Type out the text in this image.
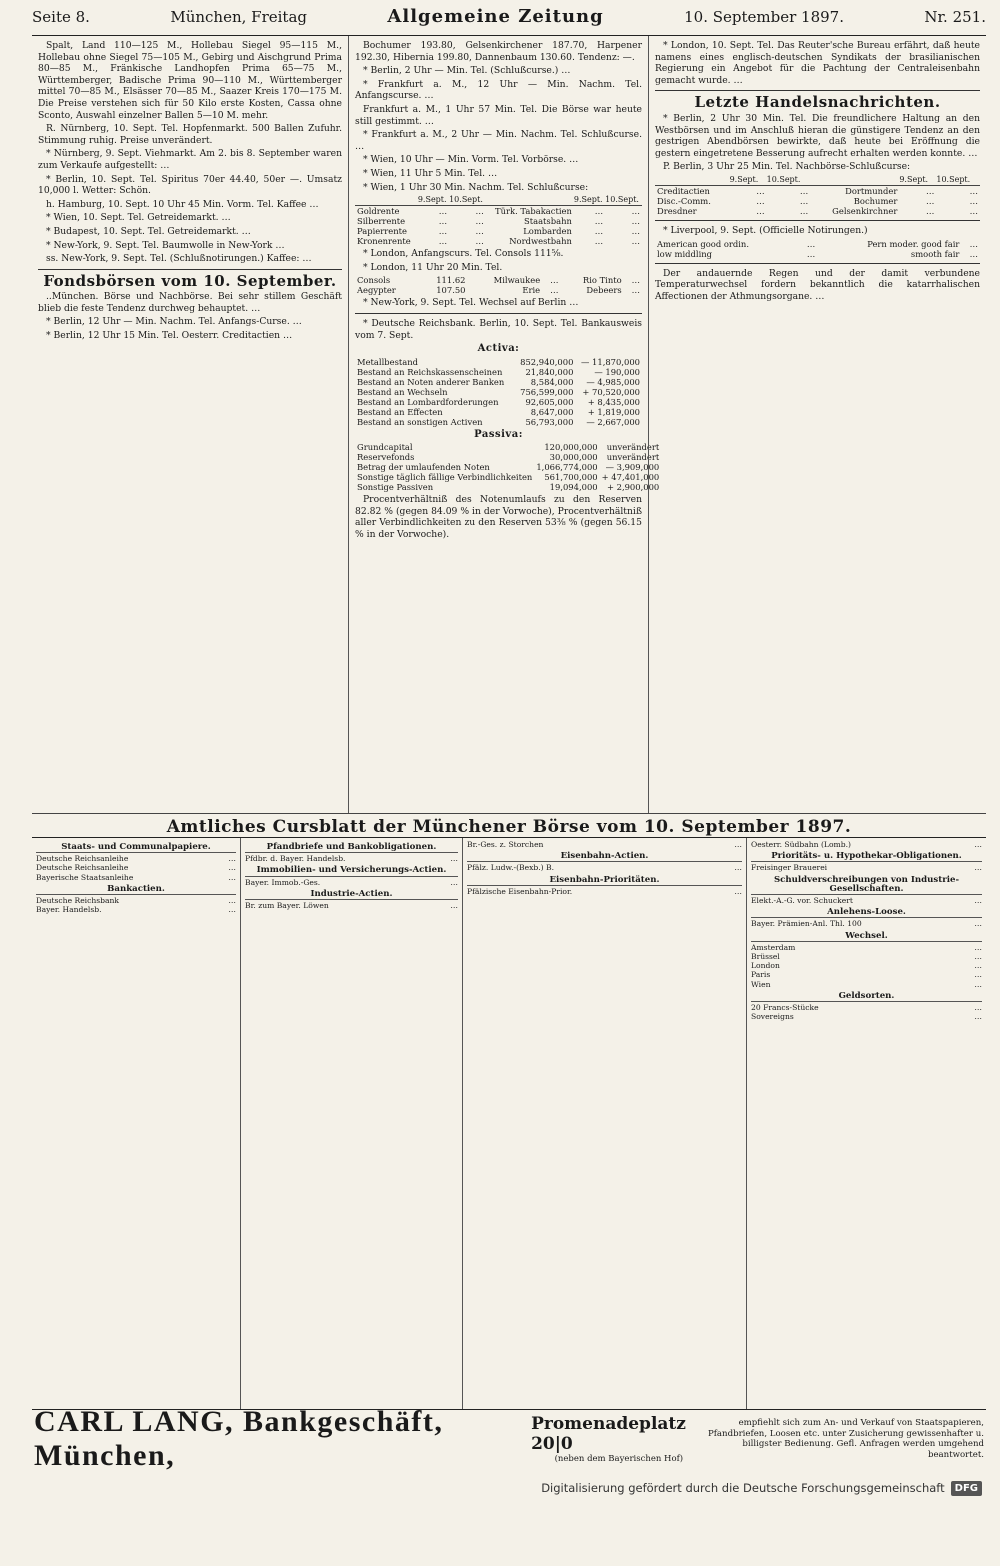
Seite 8.	München, Freitag	Allgemeine Zeitung	10. September 1897.	Nr. 251.

Spalt, Land 110—125 M., Hollebau Siegel 95—115 M., Hollebau ohne Siegel 75—105 M., Gebirg und Aischgrund Prima 80—85 M., Fränkische Landhopfen Prima 65—75 M., Württemberger, Badische Prima 90—110 M., Württemberger mittel 70—85 M., Elsässer 70—85 M., Saazer Kreis 170—175 M. Die Preise verstehen sich für 50 Kilo erste Kosten, Cassa ohne Sconto, Auswahl einzelner Ballen 5—10 M. mehr.

R. Nürnberg, 10. Sept. Tel. Hopfenmarkt. 500 Ballen Zufuhr. Stimmung ruhig. Preise unverändert.

* Nürnberg, 9. Sept. Viehmarkt. Am 2. bis 8. September waren zum Verkaufe aufgestellt: …

* Berlin, 10. Sept. Tel. Spiritus 70er 44.40, 50er —. Umsatz 10,000 l. Wetter: Schön.

h. Hamburg, 10. Sept. 10 Uhr 45 Min. Vorm. Tel. Kaffee …

* Wien, 10. Sept. Tel. Getreidemarkt. …

* Budapest, 10. Sept. Tel. Getreidemarkt. …

* New-York, 9. Sept. Tel. Baumwolle in New-York …

ss. New-York, 9. Sept. Tel. (Schlußnotirungen.) Kaffee: …

Fondsbörsen vom 10. September.

..München. Börse und Nachbörse. Bei sehr stillem Geschäft blieb die feste Tendenz durchweg behauptet. …

* Berlin, 12 Uhr — Min. Nachm. Tel. Anfangs-Curse. …

* Berlin, 12 Uhr 15 Min. Tel. Oesterr. Creditactien …

Bochumer 193.80, Gelsenkirchener 187.70, Harpener 192.30, Hibernia 199.80, Dannenbaum 130.60. Tendenz: —.

* Berlin, 2 Uhr — Min. Tel. (Schlußcurse.) …

* Frankfurt a. M., 12 Uhr — Min. Nachm. Tel. Anfangscurse. …

Frankfurt a. M., 1 Uhr 57 Min. Tel. Die Börse war heute still gestimmt. …

* Frankfurt a. M., 2 Uhr — Min. Nachm. Tel. Schlußcurse. …

* Wien, 10 Uhr — Min. Vorm. Tel. Vorbörse. …

* Wien, 11 Uhr 5 Min. Tel. …

* Wien, 1 Uhr 30 Min. Nachm. Tel. Schlußcurse:

	9.Sept.	10.Sept.		9.Sept.	10.Sept.
Goldrente	…	…	Türk. Tabakactien	…	…
Silberrente	…	…	Staatsbahn	…	…
Papierrente	…	…	Lombarden	…	…
Kronenrente	…	…	Nordwestbahn	…	…

* London, Anfangscurs. Tel. Consols 111⅝.

* London, 11 Uhr 20 Min. Tel.

Consols	111.62	Milwaukee	…	Rio Tinto	…
Aegypter	107.50	Erie	…	Debeers	…

* New-York, 9. Sept. Tel. Wechsel auf Berlin …

* Deutsche Reichsbank. Berlin, 10. Sept. Tel. Bankausweis vom 7. Sept.

Activa:
Metallbestand	852,940,000	— 11,870,000
Bestand an Reichskassenscheinen	21,840,000	— 190,000
Bestand an Noten anderer Banken	8,584,000	— 4,985,000
Bestand an Wechseln	756,599,000	+ 70,520,000
Bestand an Lombardforderungen	92,605,000	+ 8,435,000
Bestand an Effecten	8,647,000	+ 1,819,000
Bestand an sonstigen Activen	56,793,000	— 2,667,000
Passiva:
Grundcapital	120,000,000	unverändert
Reservefonds	30,000,000	unverändert
Betrag der umlaufenden Noten	1,066,774,000	— 3,909,000
Sonstige täglich fällige Verbindlichkeiten	561,700,000	+ 47,401,000
Sonstige Passiven	19,094,000	+ 2,900,000

Procentverhältniß des Notenumlaufs zu den Reserven 82.82 % (gegen 84.09 % in der Vorwoche), Procentverhältniß aller Verbindlichkeiten zu den Reserven 53⅜ % (gegen 56.15 % in der Vorwoche).

* London, 10. Sept. Tel. Das Reuter'sche Bureau erfährt, daß heute namens eines englisch-deutschen Syndikats der brasilianischen Regierung ein Angebot für die Pachtung der Centraleisenbahn gemacht wurde. …

Letzte Handelsnachrichten.

* Berlin, 2 Uhr 30 Min. Tel. Die freundlichere Haltung an den Westbörsen und im Anschluß hieran die günstigere Tendenz an den gestrigen Abendbörsen bewirkte, daß heute bei Eröffnung die gestern eingetretene Besserung aufrecht erhalten werden konnte. …

P. Berlin, 3 Uhr 25 Min. Tel. Nachbörse-Schlußcurse:

	9.Sept.	10.Sept.		9.Sept.	10.Sept.
Creditactien	…	…	Dortmunder	…	…
Disc.-Comm.	…	…	Bochumer	…	…
Dresdner	…	…	Gelsenkirchner	…	…

* Liverpool, 9. Sept. (Officielle Notirungen.)

American good ordin.	…	Pern moder. good fair	…
low middling	…	smooth fair	…

Der andauernde Regen und der damit verbundene Temperaturwechsel fordern bekanntlich die katarrhalischen Affectionen der Athmungsorgane. …

Amtliches Cursblatt der Münchener Börse vom 10. September 1897.
Staats- und Communalpapiere.
Deutsche Reichsanleihe	…
Deutsche Reichsanleihe	…
Bayerische Staatsanleihe	…
Bankactien.
Deutsche Reichsbank	…
Bayer. Handelsb.	…
Pfandbriefe und Bankobligationen.
Pfdbr. d. Bayer. Handelsb.	…
Immobilien- und Versicherungs-Actien.
Bayer. Immob.-Ges.	…
Industrie-Actien.
Br. zum Bayer. Löwen	…
Br.-Ges. z. Storchen	…
Eisenbahn-Actien.
Pfälz. Ludw.-(Bexb.) B.	…
Eisenbahn-Prioritäten.
Pfälzische Eisenbahn-Prior.	…
Oesterr. Südbahn (Lomb.)	…
Prioritäts- u. Hypothekar-Obligationen.
Freisinger Brauerei	…
Schuldverschreibungen von Industrie-Gesellschaften.
Elekt.-A.-G. vor. Schuckert	…
Anlehens-Loose.
Bayer. Prämien-Anl. Thl. 100	…
Wechsel.
Amsterdam	…
Brüssel	…
London	…
Paris	…
Wien	…
Geldsorten.
20 Francs-Stücke	…
Sovereigns	…
CARL LANG, Bankgeschäft, München,
Promenadeplatz 20|0
(neben dem Bayerischen Hof)
empfiehlt sich zum An- und Verkauf von Staatspapieren, Pfandbriefen, Loosen etc. unter Zusicherung gewissenhafter u. billigster Bedienung. Gefl. Anfragen werden umgehend beantwortet.
Digitalisierung gefördert durch die Deutsche Forschungsgemeinschaft	DFG
